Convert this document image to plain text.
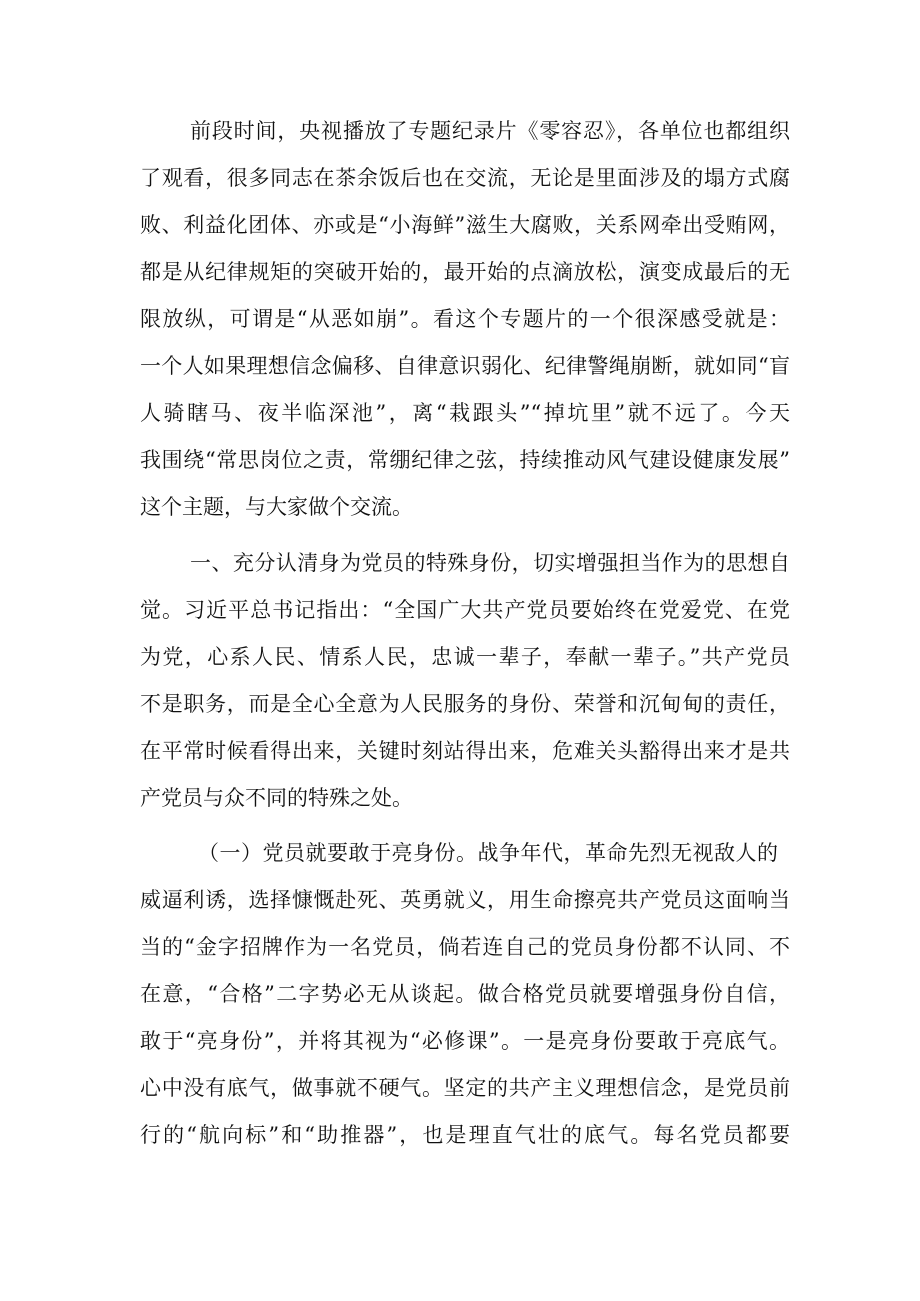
前段时间，央视播放了专题纪录片《零容忍》，各单位也都组织
了观看，很多同志在茶余饭后也在交流，无论是里面涉及的塌方式腐
败、利益化团体、亦或是“小海鲜”滋生大腐败，关系网牵出受贿网，
都是从纪律规矩的突破开始的，最开始的点滴放松，演变成最后的无
限放纵，可谓是“从恶如崩”。看这个专题片的一个很深感受就是：
一个人如果理想信念偏移、自律意识弱化、纪律警绳崩断，就如同“盲
人骑瞎马、夜半临深池”，离“栽跟头”“掉坑里”就不远了。今天
我围绕“常思岗位之责，常绷纪律之弦，持续推动风气建设健康发展”
这个主题，与大家做个交流。
一、充分认清身为党员的特殊身份，切实增强担当作为的思想自
觉。习近平总书记指出：“全国广大共产党员要始终在党爱党、在党
为党，心系人民、情系人民，忠诚一辈子，奉献一辈子。”共产党员
不是职务，而是全心全意为人民服务的身份、荣誉和沉甸甸的责任，
在平常时候看得出来，关键时刻站得出来，危难关头豁得出来才是共
产党员与众不同的特殊之处。
（一）党员就要敢于亮身份。战争年代，革命先烈无视敌人的
威逼利诱，选择慷慨赴死、英勇就义，用生命擦亮共产党员这面响当
当的“金字招牌作为一名党员，倘若连自己的党员身份都不认同、不
在意，“合格”二字势必无从谈起。做合格党员就要增强身份自信，
敢于“亮身份”，并将其视为“必修课”。一是亮身份要敢于亮底气。
心中没有底气，做事就不硬气。坚定的共产主义理想信念，是党员前
行的“航向标”和“助推器”，也是理直气壮的底气。每名党员都要
